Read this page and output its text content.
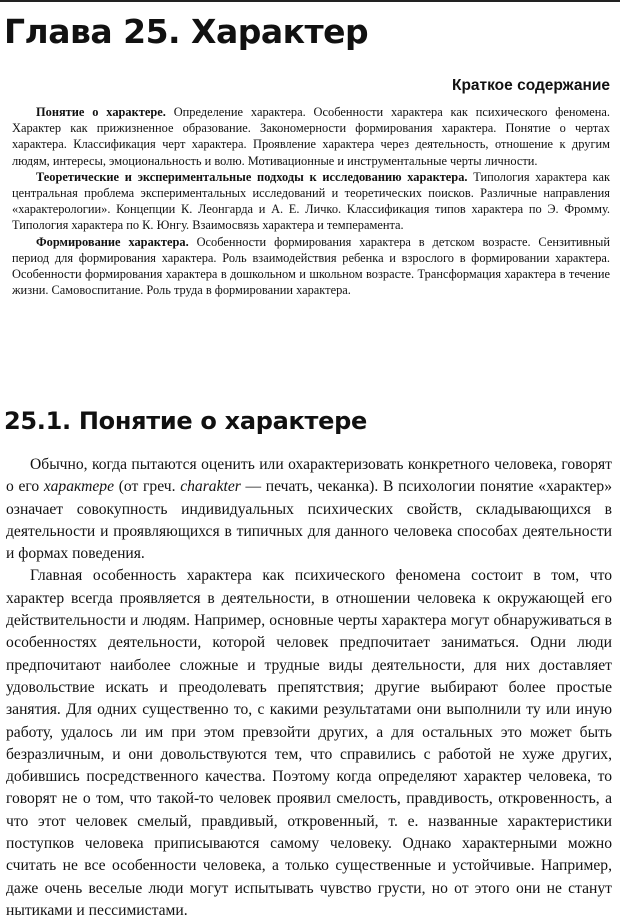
Глава 25. Характер
Краткое содержание

Понятие о характере. Определение характера. Особенности характера как психического феномена. Характер как прижизненное образование. Закономерности формирования характера. Понятие о чертах характера. Классификация черт характера. Проявление характера через деятельность, отношение к другим людям, интересы, эмоциональность и волю. Мотивационные и инструментальные черты личности.

Теоретические и экспериментальные подходы к исследованию характера. Типология характера как центральная проблема экспериментальных исследований и теоретических поисков. Различные направления «характерологии». Концепции К. Леонгарда и А. Е. Личко. Классификация типов характера по Э. Фромму. Типология характера по К. Юнгу. Взаимосвязь характера и темперамента.

Формирование характера. Особенности формирования характера в детском возрасте. Сензитивный период для формирования характера. Роль взаимодействия ребенка и взрослого в формировании характера. Особенности формирования характера в дошкольном и школьном возрасте. Трансформация характера в течение жизни. Самовоспитание. Роль труда в формировании характера.

25.1. Понятие о характере

Обычно, когда пытаются оценить или охарактеризовать конкретного человека, говорят о его характере (от греч. charakter — печать, чеканка). В психологии понятие «характер» означает совокупность индивидуальных психических свойств, складывающихся в деятельности и проявляющихся в типичных для данного человека способах деятельности и формах поведения.

Главная особенность характера как психического феномена состоит в том, что характер всегда проявляется в деятельности, в отношении человека к окружающей его действительности и людям. Например, основные черты характера могут обнаруживаться в особенностях деятельности, которой человек предпочитает заниматься. Одни люди предпочитают наиболее сложные и трудные виды деятельности, для них доставляет удовольствие искать и преодолевать препятствия; другие выбирают более простые занятия. Для одних существенно то, с какими результатами они выполнили ту или иную работу, удалось ли им при этом превзойти других, а для остальных это может быть безразличным, и они довольствуются тем, что справились с работой не хуже других, добившись посредственного качества. Поэтому когда определяют характер человека, то говорят не о том, что такой-то человек проявил смелость, правдивость, откровенность, а что этот человек смелый, правдивый, откровенный, т. е. названные характеристики поступков человека приписываются самому человеку. Однако характерными можно считать не все особенности человека, а только существенные и устойчивые. Например, даже очень веселые люди могут испытывать чувство грусти, но от этого они не станут нытиками и пессимистами.
